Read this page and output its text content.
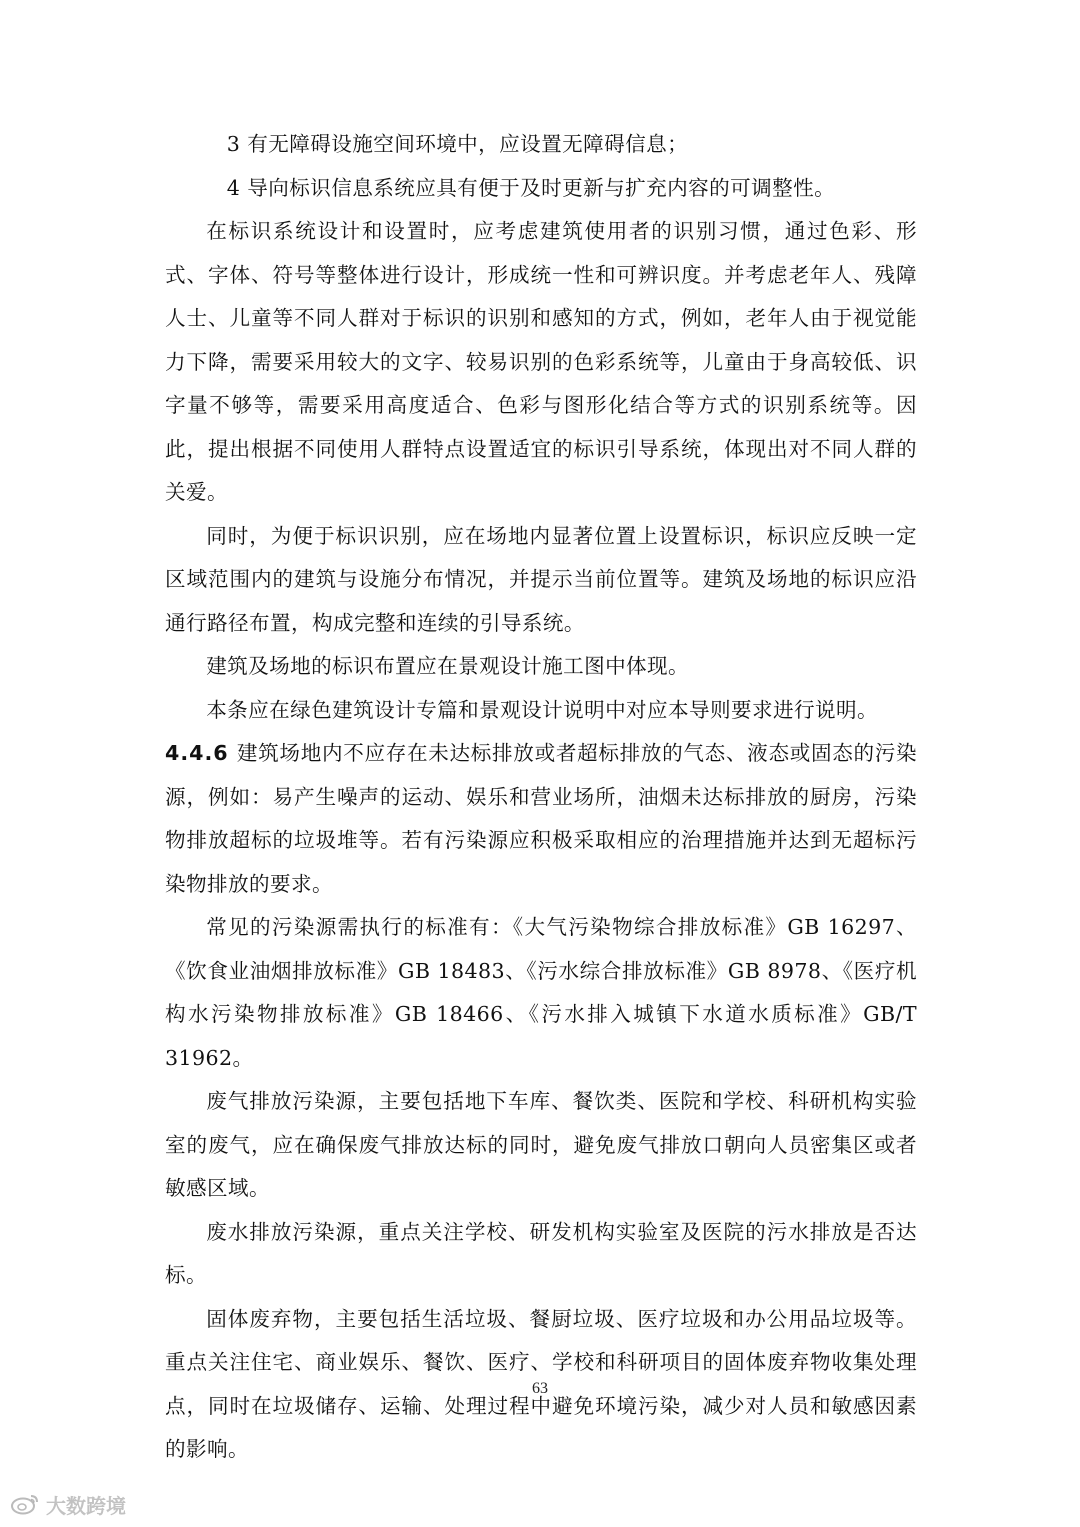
3 有无障碍设施空间环境中，应设置无障碍信息；

4 导向标识信息系统应具有便于及时更新与扩充内容的可调整性。

在标识系统设计和设置时，应考虑建筑使用者的识别习惯，通过色彩、形式、字体、符号等整体进行设计，形成统一性和可辨识度。并考虑老年人、残障人士、儿童等不同人群对于标识的识别和感知的方式，例如，老年人由于视觉能力下降，需要采用较大的文字、较易识别的色彩系统等，儿童由于身高较低、识字量不够等，需要采用高度适合、色彩与图形化结合等方式的识别系统等。因此，提出根据不同使用人群特点设置适宜的标识引导系统，体现出对不同人群的关爱。

同时，为便于标识识别，应在场地内显著位置上设置标识，标识应反映一定区域范围内的建筑与设施分布情况，并提示当前位置等。建筑及场地的标识应沿通行路径布置，构成完整和连续的引导系统。

建筑及场地的标识布置应在景观设计施工图中体现。

本条应在绿色建筑设计专篇和景观设计说明中对应本导则要求进行说明。

4.4.6 建筑场地内不应存在未达标排放或者超标排放的气态、液态或固态的污染源，例如：易产生噪声的运动、娱乐和营业场所，油烟未达标排放的厨房，污染物排放超标的垃圾堆等。若有污染源应积极采取相应的治理措施并达到无超标污染物排放的要求。

常见的污染源需执行的标准有：《大气污染物综合排放标准》GB 16297、《饮食业油烟排放标准》GB 18483、《污水综合排放标准》GB 8978、《医疗机构水污染物排放标准》GB 18466、《污水排入城镇下水道水质标准》GB/T 31962。

废气排放污染源，主要包括地下车库、餐饮类、医院和学校、科研机构实验室的废气，应在确保废气排放达标的同时，避免废气排放口朝向人员密集区或者敏感区域。

废水排放污染源，重点关注学校、研发机构实验室及医院的污水排放是否达标。

固体废弃物，主要包括生活垃圾、餐厨垃圾、医疗垃圾和办公用品垃圾等。重点关注住宅、商业娱乐、餐饮、医疗、学校和科研项目的固体废弃物收集处理点，同时在垃圾储存、运输、处理过程中避免环境污染，减少对人员和敏感因素的影响。

63
大数跨境
